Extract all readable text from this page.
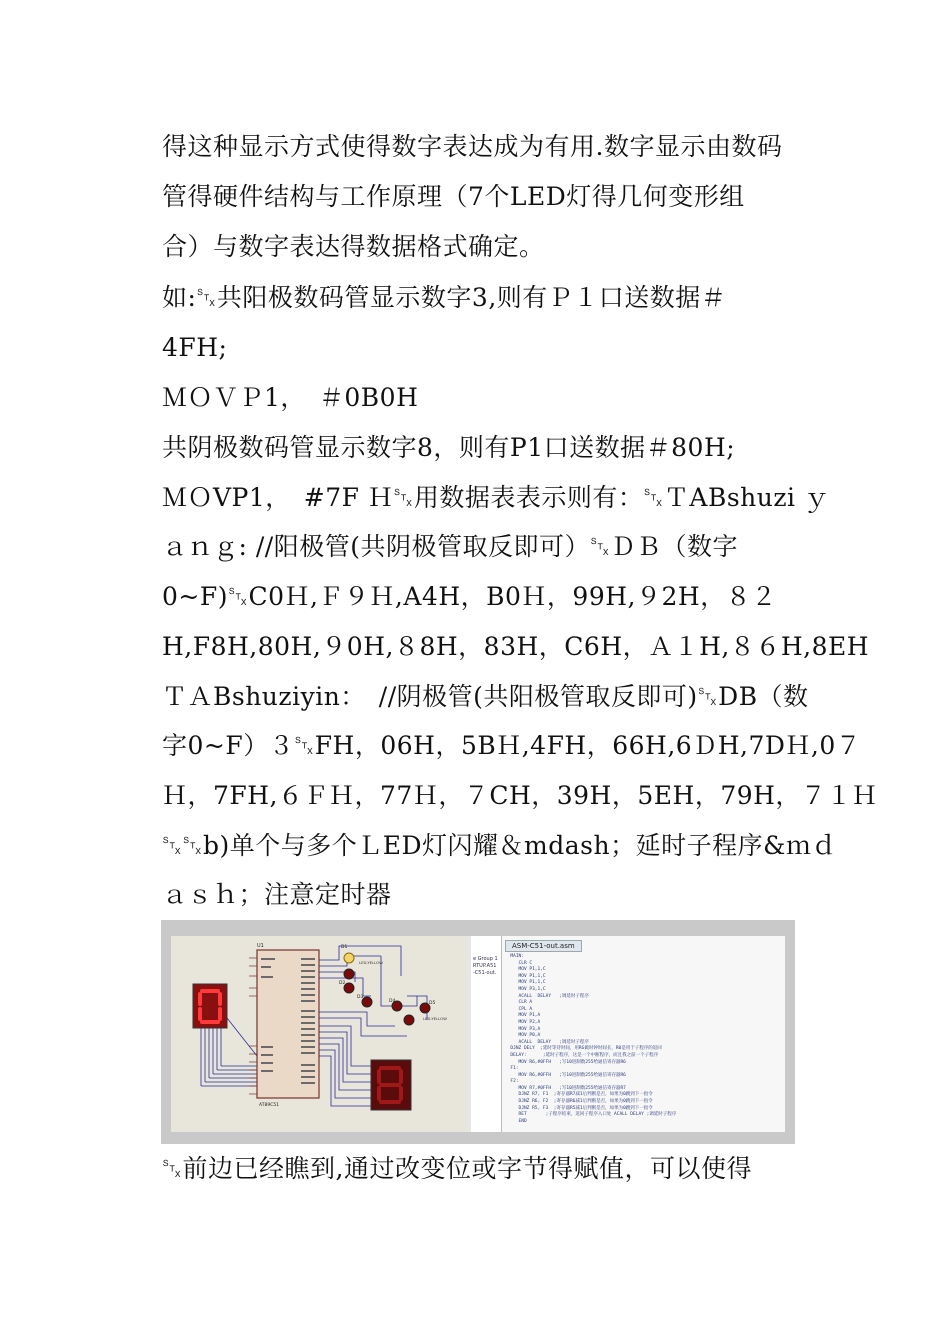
得这种显示方式使得数字表达成为有用.数字显示由数码
管得硬件结构与工作原理（7个LED灯得几何变形组
合）与数字表达得数据格式确定。
如:␂共阳极数码管显示数字3,则有Ｐ１口送数据＃
4FH;
ＭＯＶＰ1，　＃0B0H
共阴极数码管显示数字8，则有P1口送数据＃80H;
ＭＯVP1，　#7F Ｈ␂用数据表表示则有：␂ＴABshuzi ｙ
ａｎｇ: //阳极管(共阴极管取反即可）␂ＤＢ（数字
0~F)␂C0Ｈ,Ｆ９Ｈ,A4H，B0Ｈ，99H,９2H，８２
H,F8H,80H,９0H,８8H，83H，C6H，Ａ１H,８６H,8EH
ＴＡBshuziyin：　//阴极管(共阳极管取反即可)␂DB（数
字0~F）３␂FH，06H，5BＨ,4FH，66H,6ＤH,7DＨ,0７
Ｈ，7FH,６ＦＨ，77Ｈ，７CH，39H，5EH，79H，７１Ｈ
␂␂b)单个与多个ＬED灯闪耀＆mdash；延时子程序&ｍｄ
ａｓｈ；注意定时器
U1
AT89C51
D1
D2
D3
D4	D5
LED-YELLOW
LED-YELLOW
e Group 1
RTUP.A51
-C51-out.
ASM-C51-out.asm
MAIN:
CLR C
MOV P1,1,C
MOV P1,1,C
MOV P1,1,C
MOV P3,1,C
ACALL  DELAY   ;调延时子程序
CLR A
CPL A
MOV P1,A
MOV P2,A
MOV P3,A
MOV P0,A
ACALL  DELAY   ;调延时子程序
DJNZ DELY  ;延时等待时间，用RG做时钟时间长，R0是用于子程序的返回
DELAY:      ;延时子程序，这是一个中断程序，而且我之前一个子程序
MOV R6,#0FFH   ;写10进制数255给通信寄存器R6
F1:
MOV R6,#0FFH   ;写10进制数255给通信寄存器R6
F2:
MOV R7,#0FFH   ;写10进制数255给通信寄存器R7
DJNZ R7, F1  ;寄存器R7减1后判断是否，如果为0跳到下一指令
DJNZ R6, F2  ;寄存器R6减1后判断是否，如果为0跳到下一指令
DJNZ R5, F3  ;寄存器R5减1后判断是否，如果为0跳到下一指令
RET       ;子程序结束，返回子程序入口处 ACALL DELAY ;调延时子程序
END
␂前边已经瞧到,通过改变位或字节得赋值，可以使得
